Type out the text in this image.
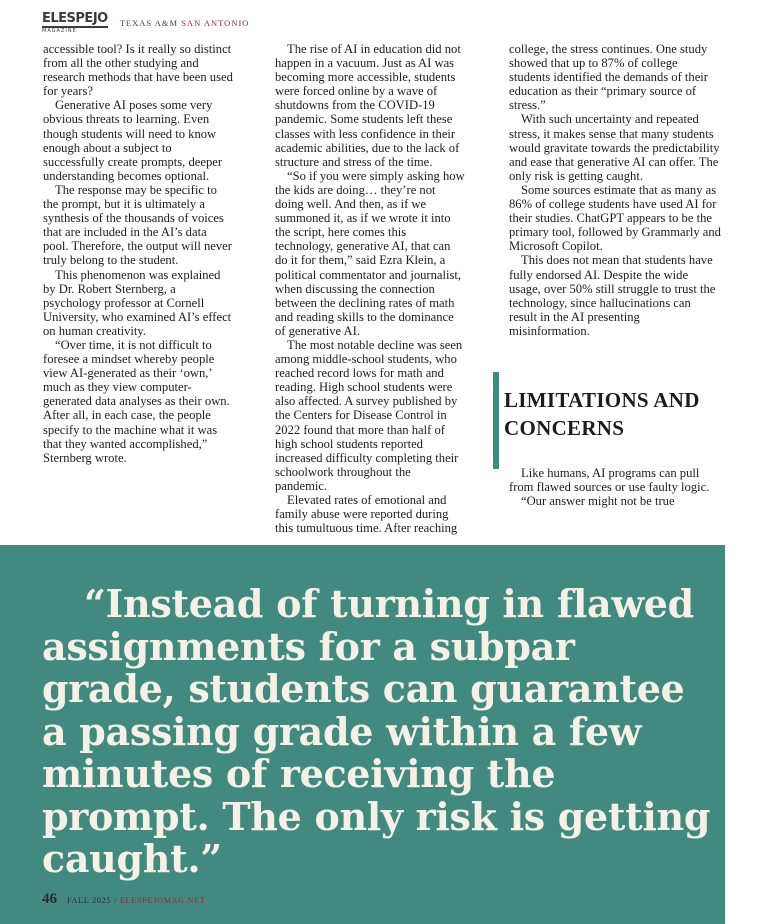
ELESPEJO
MAGAZINE
TEXAS A&M SAN ANTONIO

accessible tool? Is it really so distinct from all the other studying and research methods that have been used for years?

Generative AI poses some very obvious threats to learning. Even though students will need to know enough about a subject to successfully create prompts, deeper understanding becomes optional.

The response may be specific to the prompt, but it is ultimately a synthesis of the thousands of voices that are included in the AI’s data pool. Therefore, the output will never truly belong to the student.

This phenomenon was explained by Dr. Robert Sternberg, a psychology professor at Cornell University, who examined AI’s effect on human creativity.

“Over time, it is not difficult to foresee a mindset whereby people view AI-generated as their ‘own,’ much as they view computer-generated data analyses as their own. After all, in each case, the people specify to the machine what it was that they wanted accomplished,” Sternberg wrote.

The rise of AI in education did not happen in a vacuum. Just as AI was becoming more accessible, students were forced online by a wave of shutdowns from the COVID-19 pandemic. Some students left these classes with less confidence in their academic abilities, due to the lack of structure and stress of the time.

“So if you were simply asking how the kids are doing… they’re not doing well. And then, as if we summoned it, as if we wrote it into the script, here comes this technology, generative AI, that can do it for them,” said Ezra Klein, a political commentator and journalist, when discussing the connection between the declining rates of math and reading skills to the dominance of generative AI.

The most notable decline was seen among middle-school students, who reached record lows for math and reading. High school students were also affected. A survey published by the Centers for Disease Control in 2022 found that more than half of high school students reported increased difficulty completing their schoolwork throughout the pandemic.

Elevated rates of emotional and family abuse were reported during this tumultuous time. After reaching

college, the stress continues. One study showed that up to 87% of college students identified the demands of their education as their “primary source of stress.”

With such uncertainty and repeated stress, it makes sense that many students would gravitate towards the predictability and ease that generative AI can offer. The only risk is getting caught.

Some sources estimate that as many as 86% of college students have used AI for their studies. ChatGPT appears to be the primary tool, followed by Grammarly and Microsoft Copilot.

This does not mean that students have fully endorsed AI. Despite the wide usage, over 50% still struggle to trust the technology, since hallucinations can result in the AI presenting misinformation.

LIMITATIONS AND CONCERNS

Like humans, AI programs can pull from flawed sources or use faulty logic.

“Our answer might not be true

“Instead of turning in flawed assignments for a subpar grade, students can guarantee a passing grade within a few minutes of receiving the prompt. The only risk is getting caught.”
46 FALL 2025 / ELESPEJOMAG.NET
